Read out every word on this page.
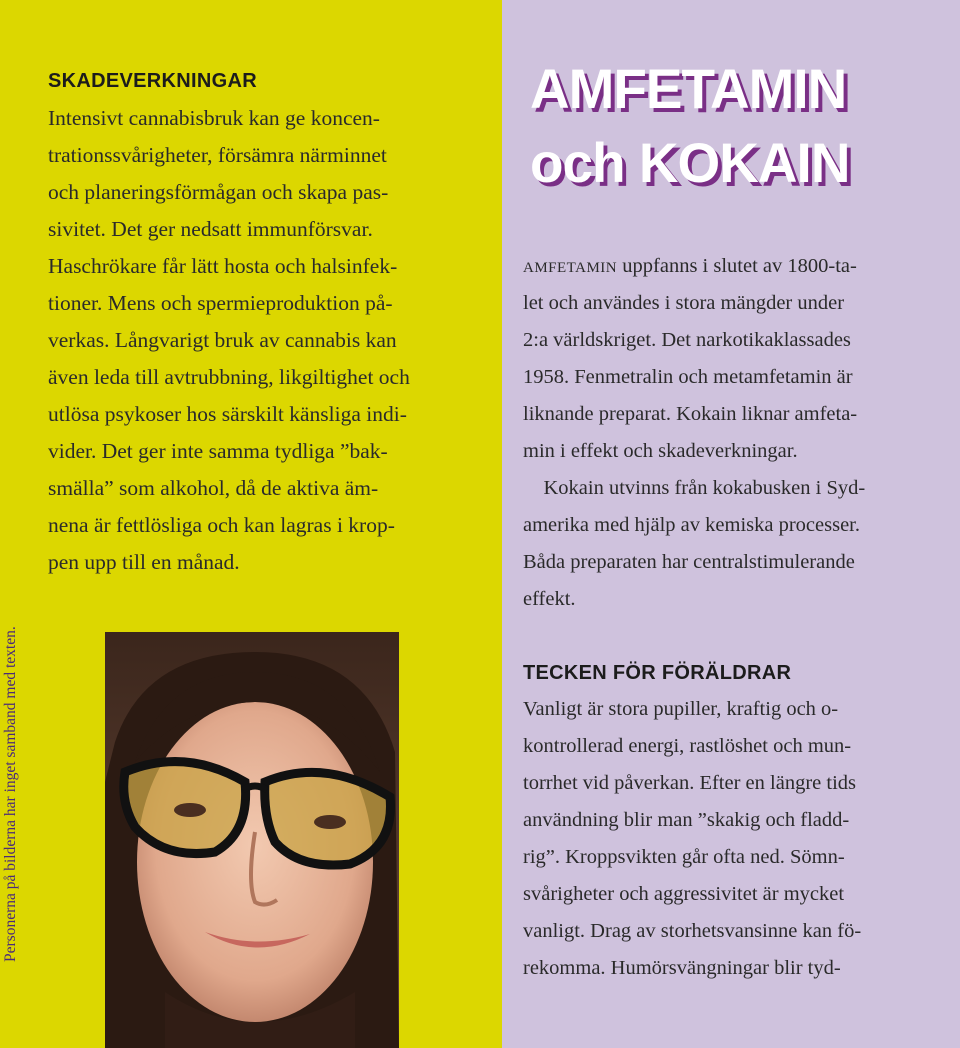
Personerna på bilderna har inget samband med texten.
SKADEVERKNINGAR
Intensivt cannabisbruk kan ge koncen-
trationssvårigheter, försämra närminnet
och planeringsförmågan och skapa pas-
sivitet. Det ger nedsatt immunförsvar.
Haschrökare får lätt hosta och halsinfek-
tioner. Mens och spermieproduktion på-
verkas. Långvarigt bruk av cannabis kan
även leda till avtrubbning, likgiltighet och
utlösa psykoser hos särskilt känsliga indi-
vider. Det ger inte samma tydliga ”bak-
smälla” som alkohol, då de aktiva äm-
nena är fettlösliga och kan lagras i krop-
pen upp till en månad.
AMFETAMIN
och KOKAIN
AMFETAMIN uppfanns i slutet av 1800-ta-
let och användes i stora mängder under
2:a världskriget. Det narkotikaklassades
1958. Fenmetralin och metamfetamin är
liknande preparat. Kokain liknar amfeta-
min i effekt och skadeverkningar.
Kokain utvinns från kokabusken i Syd-
amerika med hjälp av kemiska processer.
Båda preparaten har centralstimulerande
effekt.
TECKEN FÖR FÖRÄLDRAR
Vanligt är stora pupiller, kraftig och o-
kontrollerad energi, rastlöshet och mun-
torrhet vid påverkan. Efter en längre tids
användning blir man ”skakig och fladd-
rig”. Kroppsvikten går ofta ned. Sömn-
svårigheter och aggressivitet är mycket
vanligt. Drag av storhetsvansinne kan fö-
rekomma. Humörsvängningar blir tyd-
